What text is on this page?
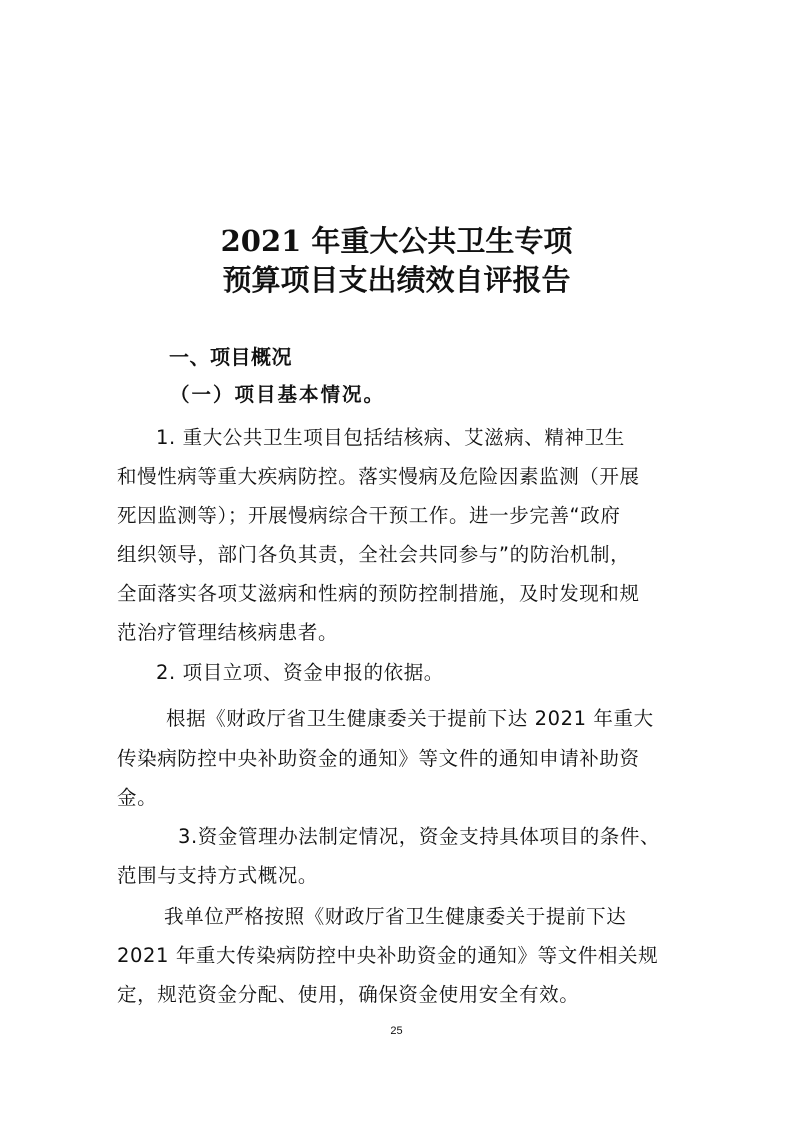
2021 年重大公共卫生专项
预算项目支出绩效自评报告
一、项目概况
（一）项目基本情况。
1. 重大公共卫生项目包括结核病、艾滋病、精神卫生
和慢性病等重大疾病防控。落实慢病及危险因素监测（开展
死因监测等）；开展慢病综合干预工作。进一步完善“政府
组织领导，部门各负其责，全社会共同参与”的防治机制，
全面落实各项艾滋病和性病的预防控制措施，及时发现和规
范治疗管理结核病患者。
2. 项目立项、资金申报的依据。
根据《财政厅省卫生健康委关于提前下达 2021 年重大
传染病防控中央补助资金的通知》等文件的通知申请补助资
金。
3.资金管理办法制定情况，资金支持具体项目的条件、
范围与支持方式概况。
我单位严格按照《财政厅省卫生健康委关于提前下达
2021 年重大传染病防控中央补助资金的通知》等文件相关规
定，规范资金分配、使用，确保资金使用安全有效。
25
